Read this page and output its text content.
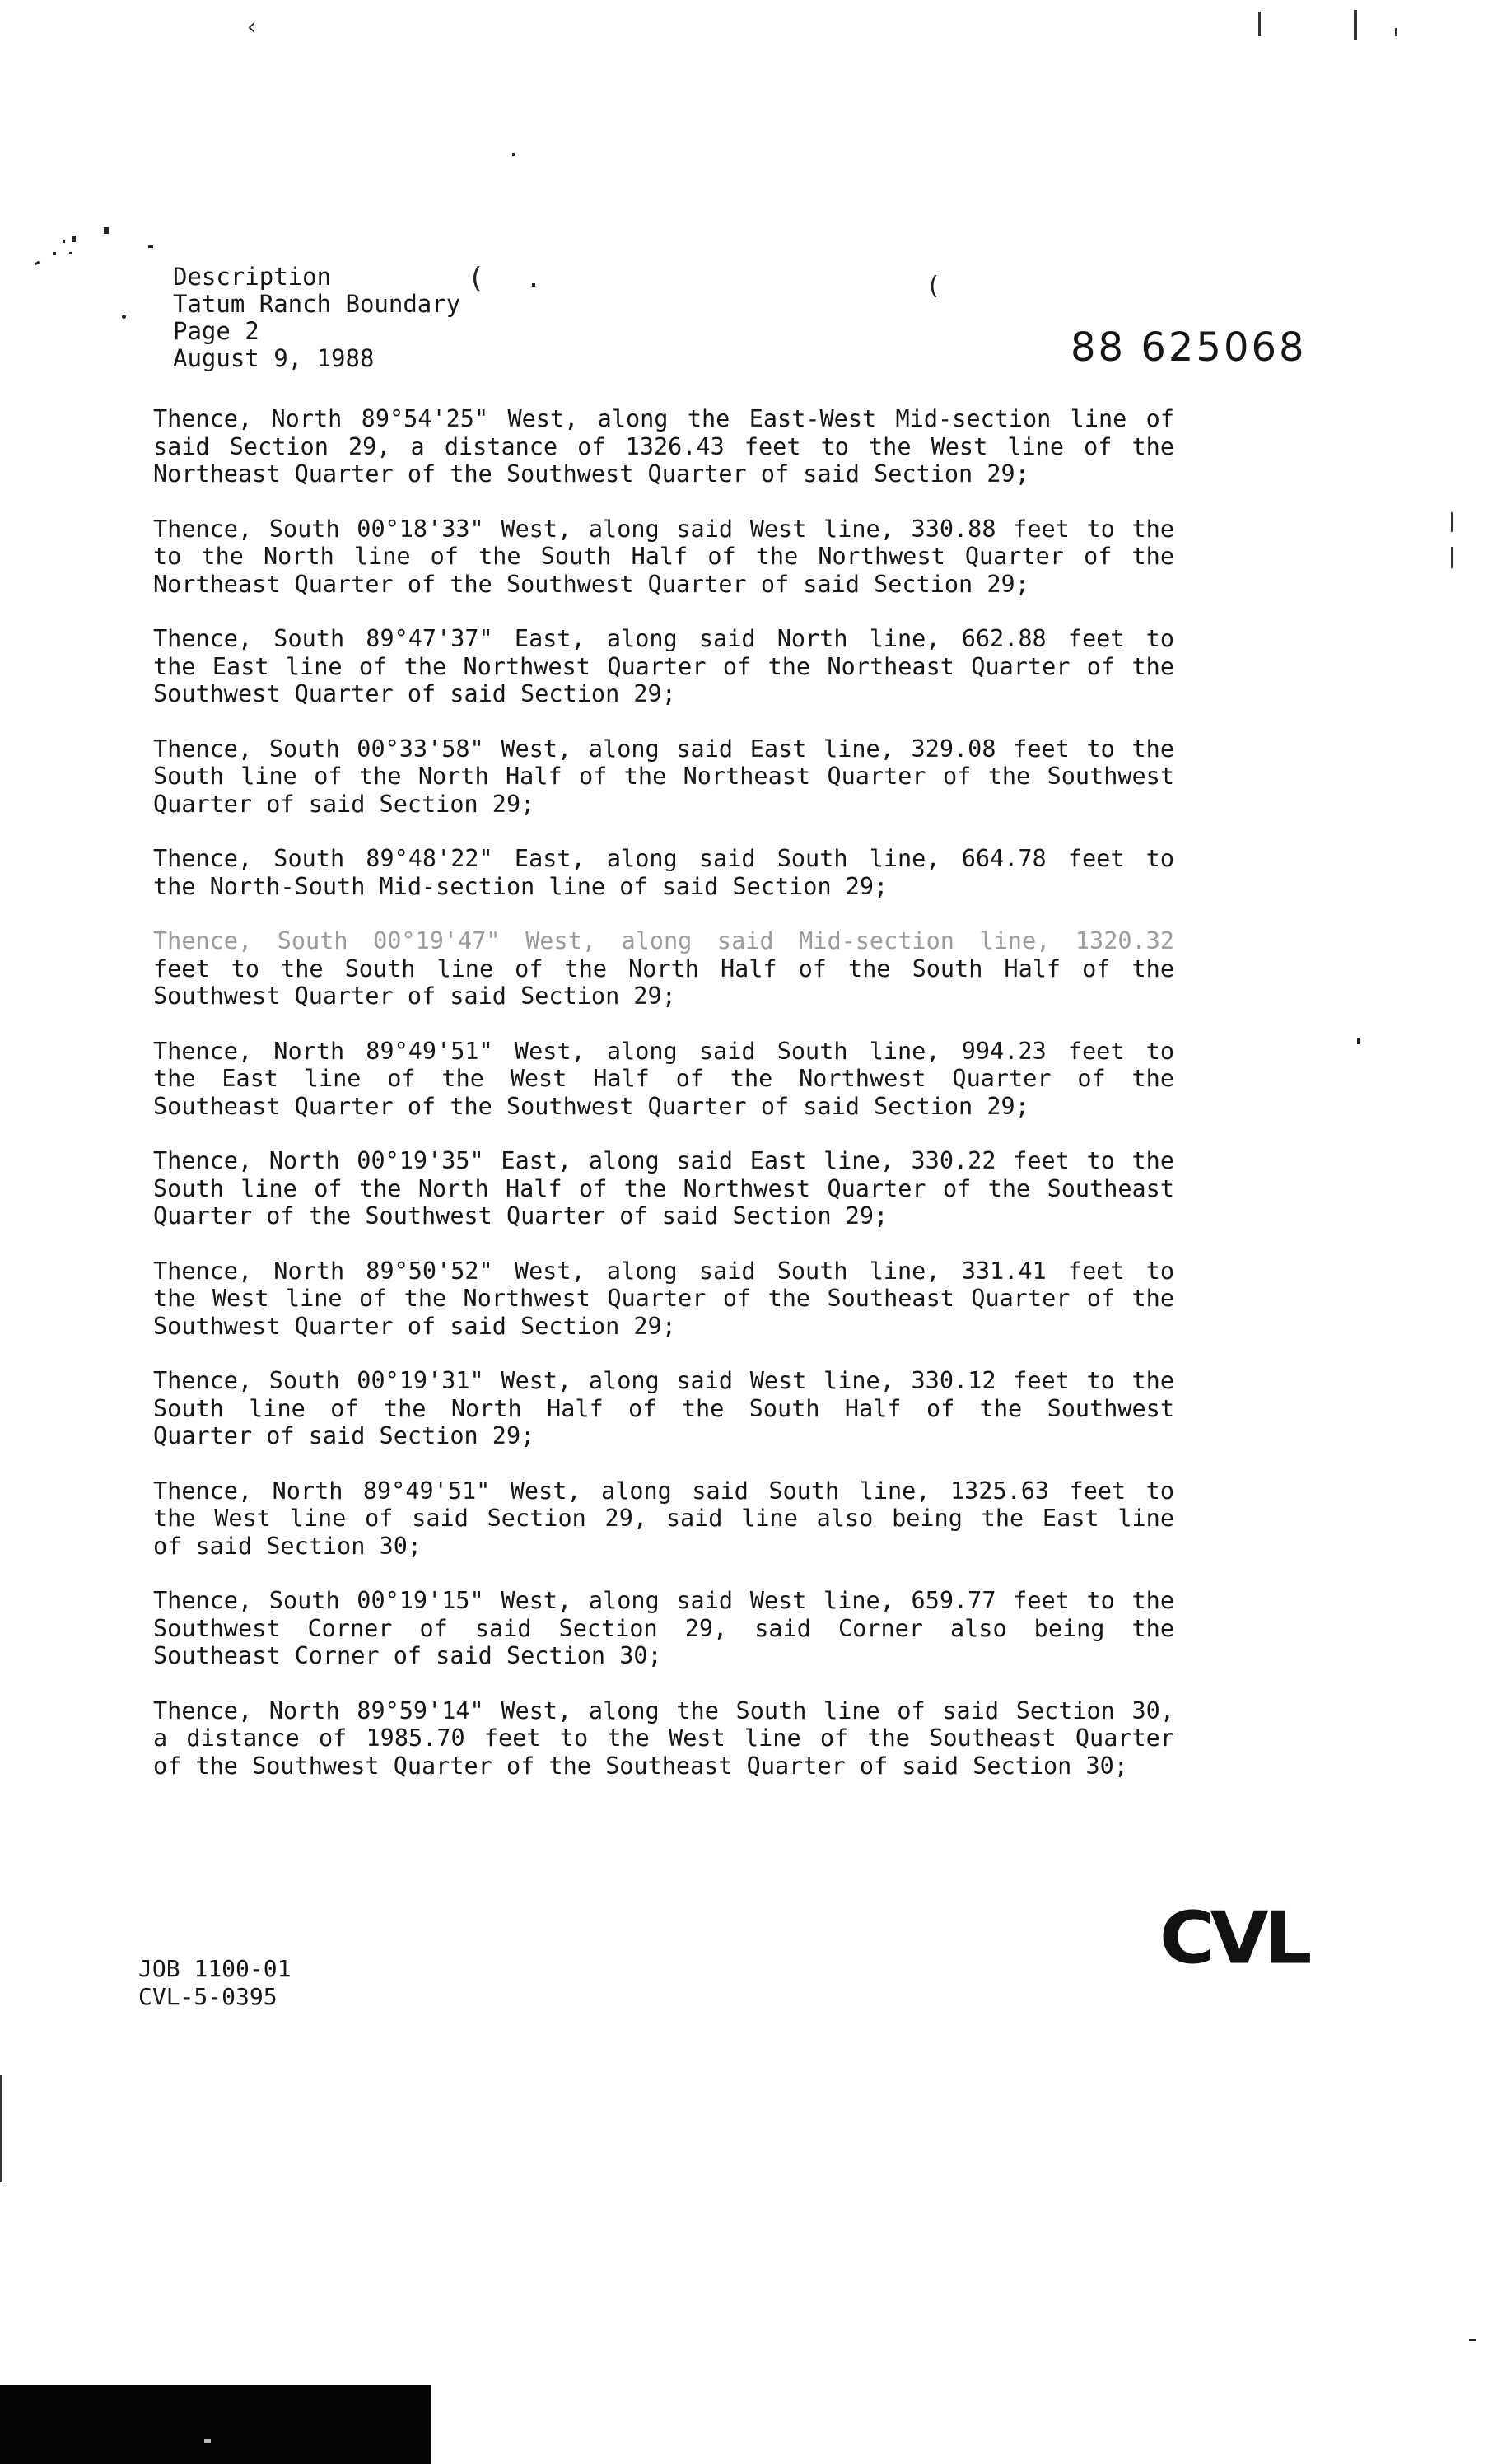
‹
(	(
Description
Tatum Ranch Boundary
Page 2
August 9, 1988	88 625068
Thence, North 89°54'25" West, along the East-West Mid-section line of
said Section 29, a distance of 1326.43 feet to the West line of the
Northeast Quarter of the Southwest Quarter of said Section 29;
Thence, South 00°18'33" West, along said West line, 330.88 feet to the
to the North line of the South Half of the Northwest Quarter of the
Northeast Quarter of the Southwest Quarter of said Section 29;
Thence, South 89°47'37" East, along said North line, 662.88 feet to
the East line of the Northwest Quarter of the Northeast Quarter of the
Southwest Quarter of said Section 29;
Thence, South 00°33'58" West, along said East line, 329.08 feet to the
South line of the North Half of the Northeast Quarter of the Southwest
Quarter of said Section 29;
Thence, South 89°48'22" East, along said South line, 664.78 feet to
the North-South Mid-section line of said Section 29;
Thence, South 00°19'47" West, along said Mid-section line, 1320.32
feet to the South line of the North Half of the South Half of the
Southwest Quarter of said Section 29;
Thence, North 89°49'51" West, along said South line, 994.23 feet to
the East line of the West Half of the Northwest Quarter of the
Southeast Quarter of the Southwest Quarter of said Section 29;
Thence, North 00°19'35" East, along said East line, 330.22 feet to the
South line of the North Half of the Northwest Quarter of the Southeast
Quarter of the Southwest Quarter of said Section 29;
Thence, North 89°50'52" West, along said South line, 331.41 feet to
the West line of the Northwest Quarter of the Southeast Quarter of the
Southwest Quarter of said Section 29;
Thence, South 00°19'31" West, along said West line, 330.12 feet to the
South line of the North Half of the South Half of the Southwest
Quarter of said Section 29;
Thence, North 89°49'51" West, along said South line, 1325.63 feet to
the West line of said Section 29, said line also being the East line
of said Section 30;
Thence, South 00°19'15" West, along said West line, 659.77 feet to the
Southwest Corner of said Section 29, said Corner also being the
Southeast Corner of said Section 30;
Thence, North 89°59'14" West, along the South line of said Section 30,
a distance of 1985.70 feet to the West line of the Southeast Quarter
of the Southwest Quarter of the Southeast Quarter of said Section 30;
CVL
JOB 1100-01
CVL-5-0395
